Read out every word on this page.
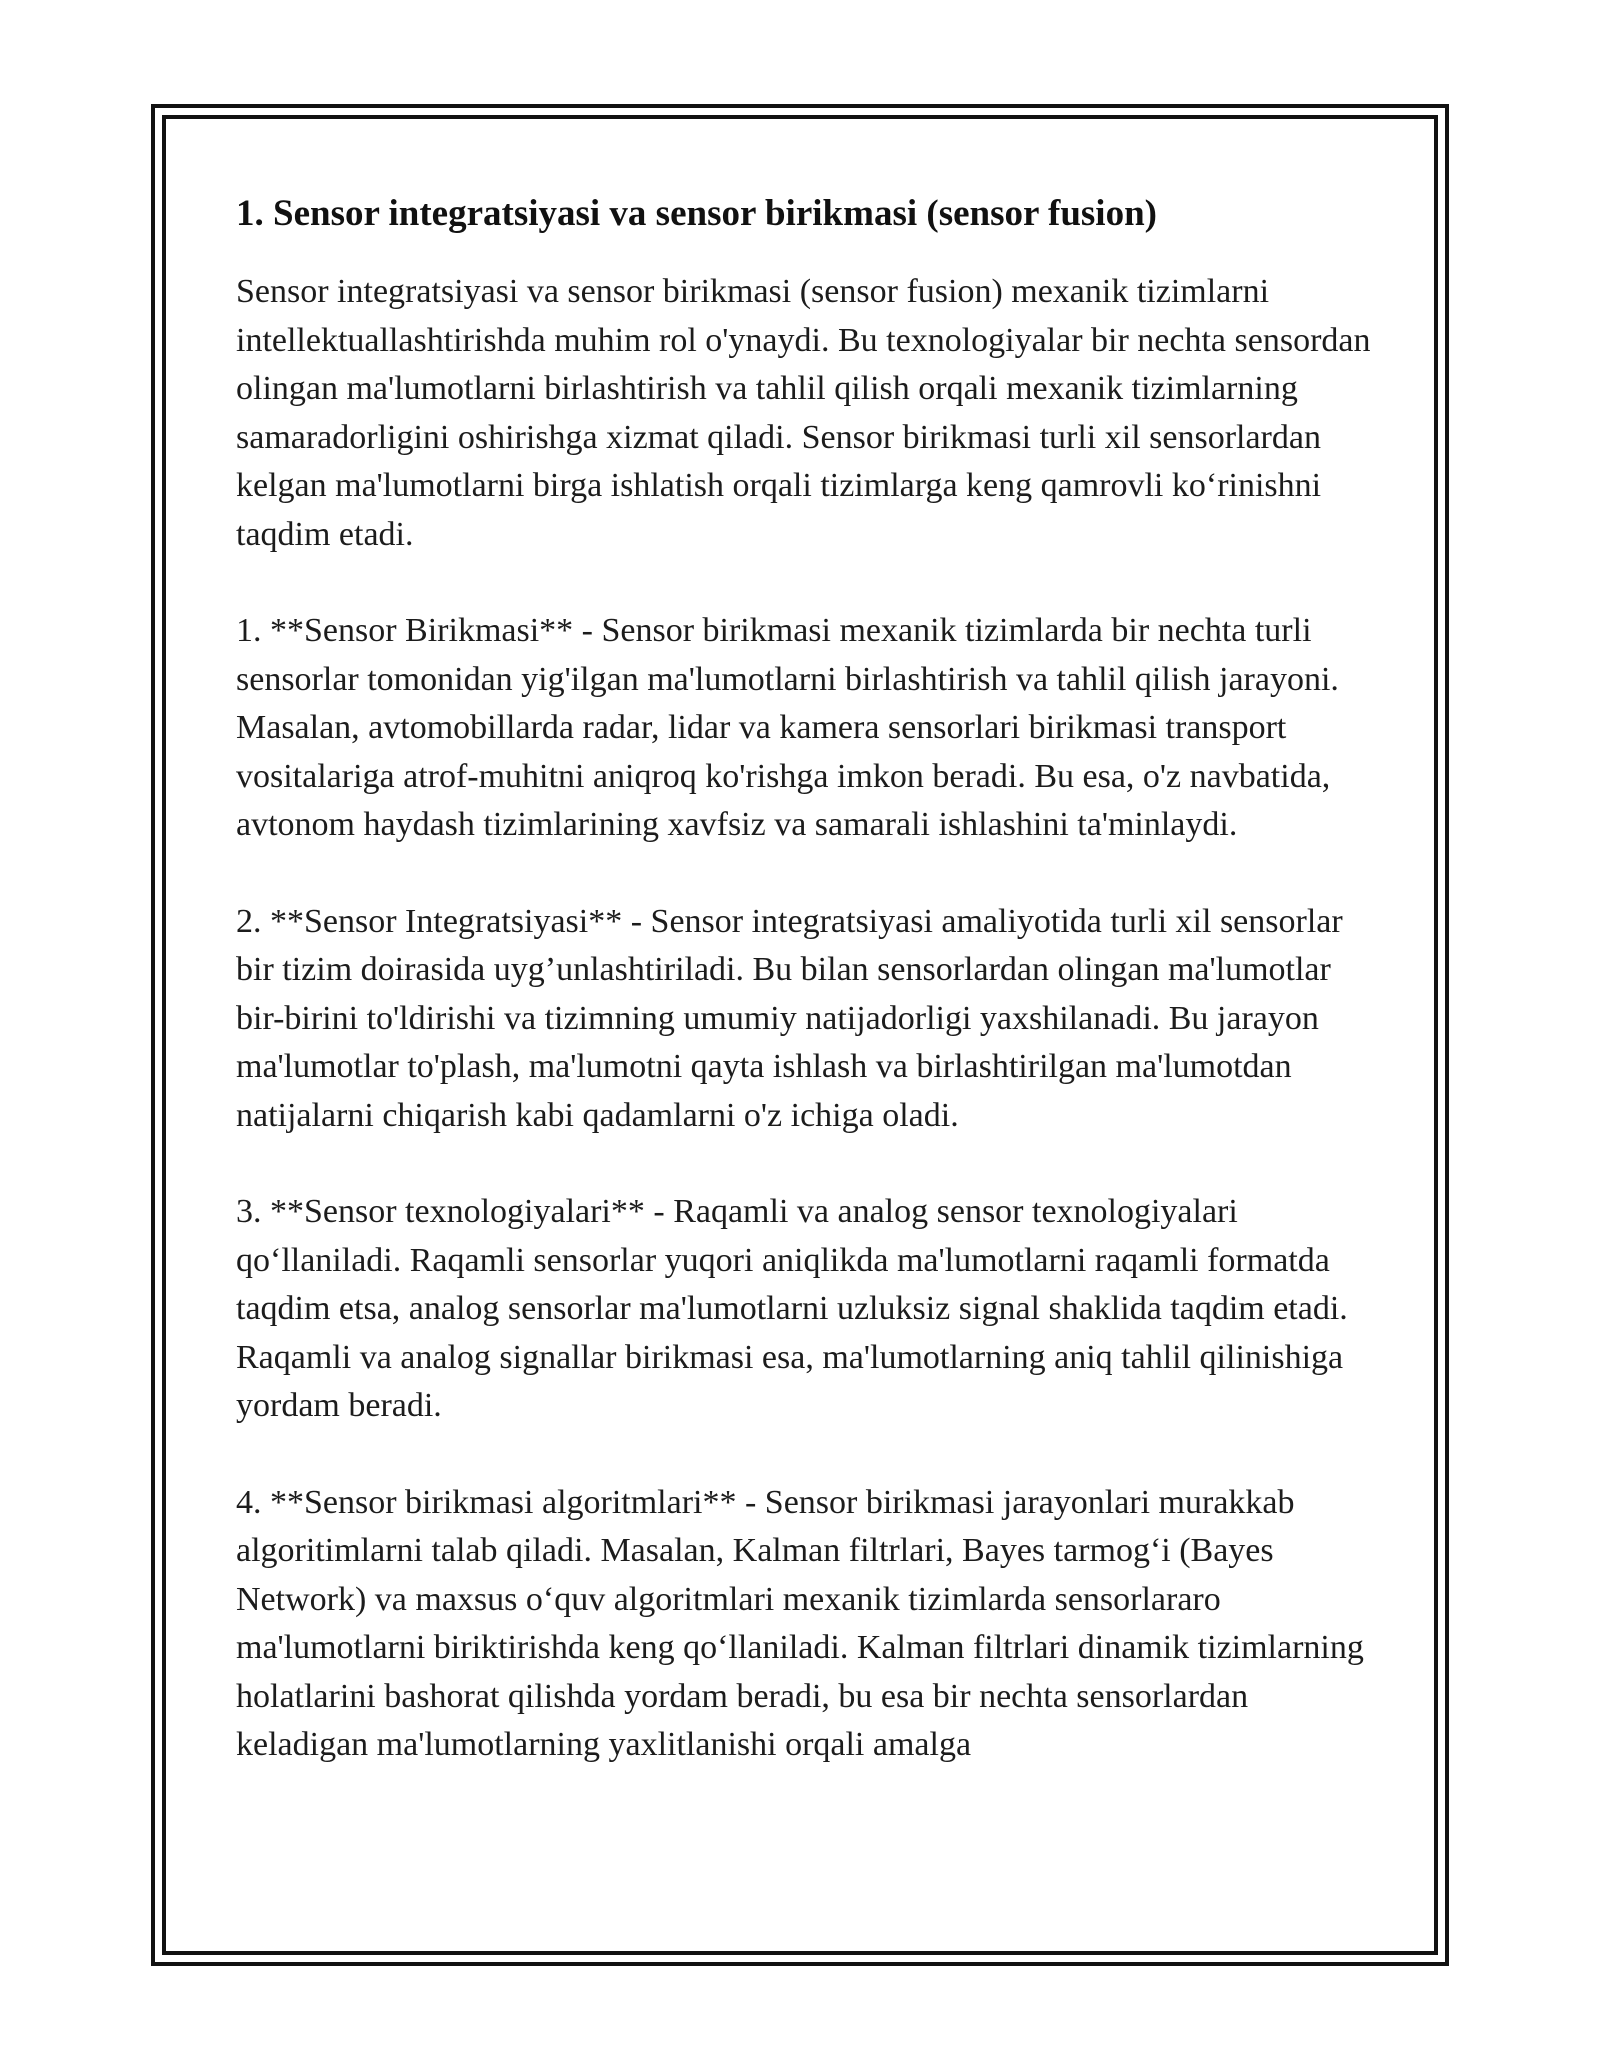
1. Sensor integratsiyasi va sensor birikmasi (sensor fusion)

Sensor integratsiyasi va sensor birikmasi (sensor fusion) mexanik tizimlarni intellektuallashtirishda muhim rol o'ynaydi. Bu texnologiyalar bir nechta sensordan olingan ma'lumotlarni birlashtirish va tahlil qilish orqali mexanik tizimlarning samaradorligini oshirishga xizmat qiladi. Sensor birikmasi turli xil sensorlardan kelgan ma'lumotlarni birga ishlatish orqali tizimlarga keng qamrovli ko‘rinishni taqdim etadi.

1. **Sensor Birikmasi** - Sensor birikmasi mexanik tizimlarda bir nechta turli sensorlar tomonidan yig'ilgan ma'lumotlarni birlashtirish va tahlil qilish jarayoni. Masalan, avtomobillarda radar, lidar va kamera sensorlari birikmasi transport vositalariga atrof-muhitni aniqroq ko'rishga imkon beradi. Bu esa, o'z navbatida, avtonom haydash tizimlarining xavfsiz va samarali ishlashini ta'minlaydi.

2. **Sensor Integratsiyasi** - Sensor integratsiyasi amaliyotida turli xil sensorlar bir tizim doirasida uyg’unlashtiriladi. Bu bilan sensorlardan olingan ma'lumotlar bir-birini to'ldirishi va tizimning umumiy natijadorligi yaxshilanadi. Bu jarayon ma'lumotlar to'plash, ma'lumotni qayta ishlash va birlashtirilgan ma'lumotdan natijalarni chiqarish kabi qadamlarni o'z ichiga oladi.

3. **Sensor texnologiyalari** - Raqamli va analog sensor texnologiyalari qo‘llaniladi. Raqamli sensorlar yuqori aniqlikda ma'lumotlarni raqamli formatda taqdim etsa, analog sensorlar ma'lumotlarni uzluksiz signal shaklida taqdim etadi. Raqamli va analog signallar birikmasi esa, ma'lumotlarning aniq tahlil qilinishiga yordam beradi.

4. **Sensor birikmasi algoritmlari** - Sensor birikmasi jarayonlari murakkab algoritimlarni talab qiladi. Masalan, Kalman filtrlari, Bayes tarmog‘i (Bayes Network) va maxsus o‘quv algoritmlari mexanik tizimlarda sensorlararo ma'lumotlarni biriktirishda keng qo‘llaniladi. Kalman filtrlari dinamik tizimlarning holatlarini bashorat qilishda yordam beradi, bu esa bir nechta sensorlardan keladigan ma'lumotlarning yaxlitlanishi orqali amalga
